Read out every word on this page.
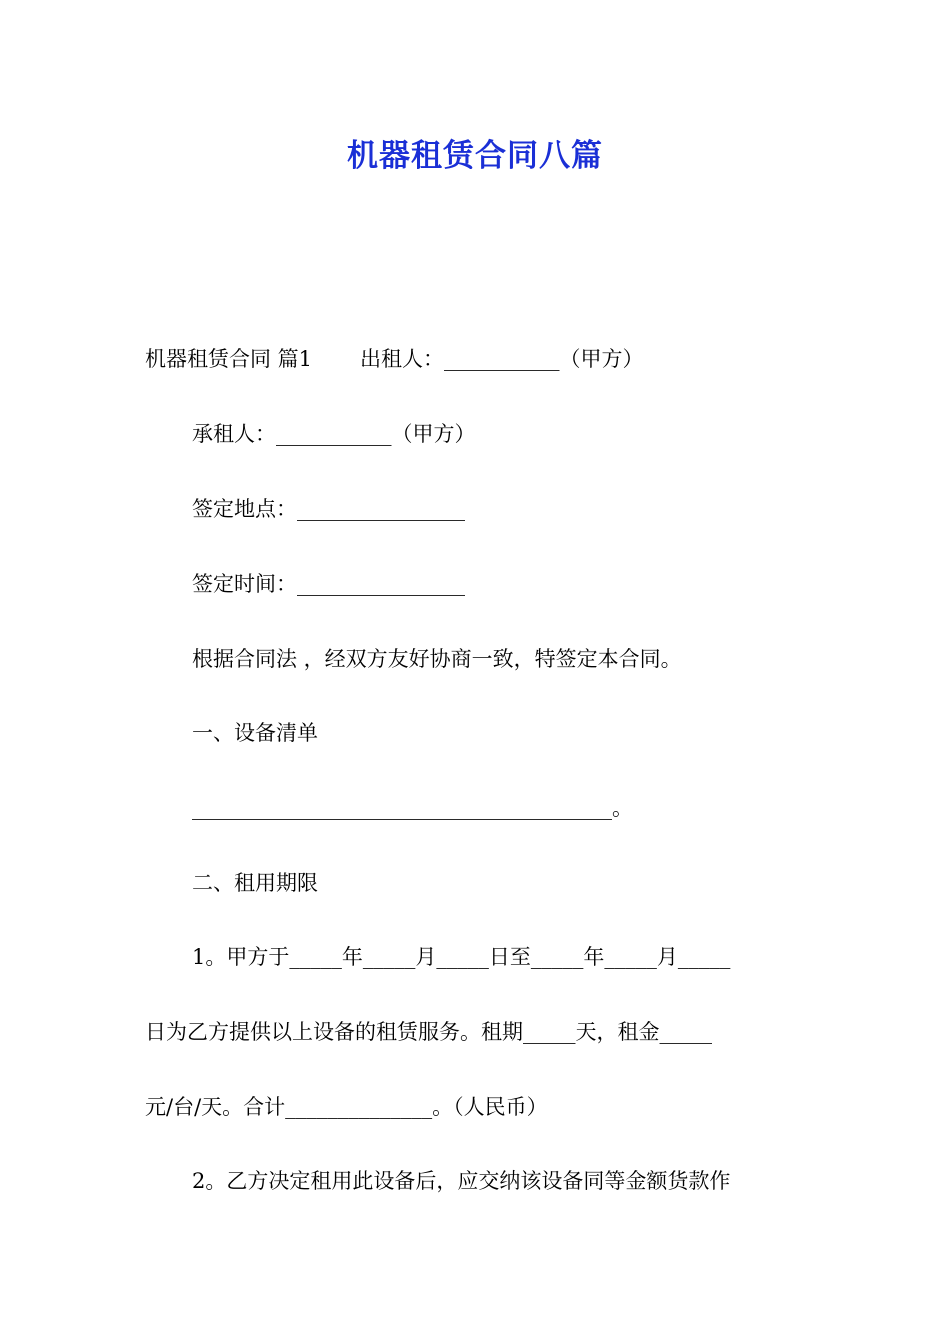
机器租赁合同八篇
机器租赁合同 篇1 出租人：___________（甲方）
承租人：___________（甲方）
签定地点：________________
签定时间：________________
根据合同法 ，经双方友好协商一致，特签定本合同。
一、设备清单
________________________________________。
二、租用期限
1。甲方于_____年_____月_____日至_____年_____月_____
日为乙方提供以上设备的租赁服务。租期_____天，租金_____
元/台/天。合计______________。（人民币）
2。乙方决定租用此设备后，应交纳该设备同等金额货款作
